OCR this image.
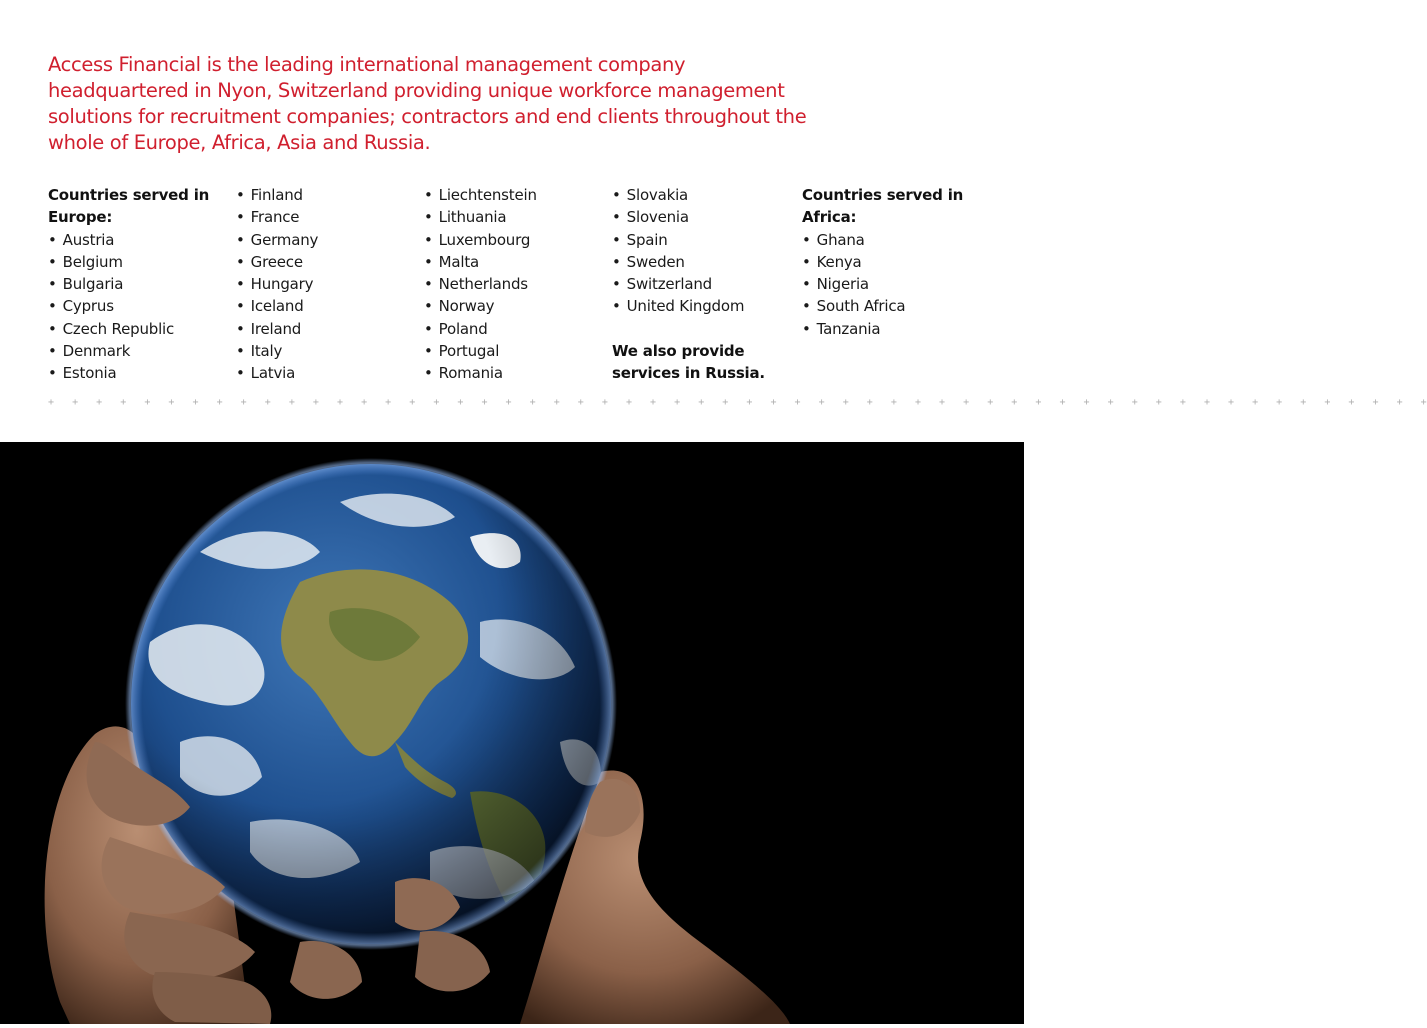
Access Financial is the leading international management company headquartered in Nyon, Switzerland providing unique workforce management solutions for recruitment companies; contractors and end clients throughout the whole of Europe, Africa, Asia and Russia.

Countries served in Europe:

• Austria
• Belgium
• Bulgaria
• Cyprus
• Czech Republic
• Denmark
• Estonia
• Finland
• France
• Germany
• Greece
• Hungary
• Iceland
• Ireland
• Italy
• Latvia
• Liechtenstein
• Lithuania
• Luxembourg
• Malta
• Netherlands
• Norway
• Poland
• Portugal
• Romania
• Slovakia
• Slovenia
• Spain
• Sweden
• Switzerland
• United Kingdom

We also provide services in Russia.

Countries served in Africa:

• Ghana
• Kenya
• Nigeria
• South Africa
• Tanzania
+   +   +   +   +   +   +   +   +   +   +   +   +   +   +   +   +   +   +   +   +   +   +   +   +   +   +   +   +   +   +   +   +   +   +   +   +   +   +   +   +   +   +   +   +   +   +   +   +   +   +   +   +   +   +   +   +   +
